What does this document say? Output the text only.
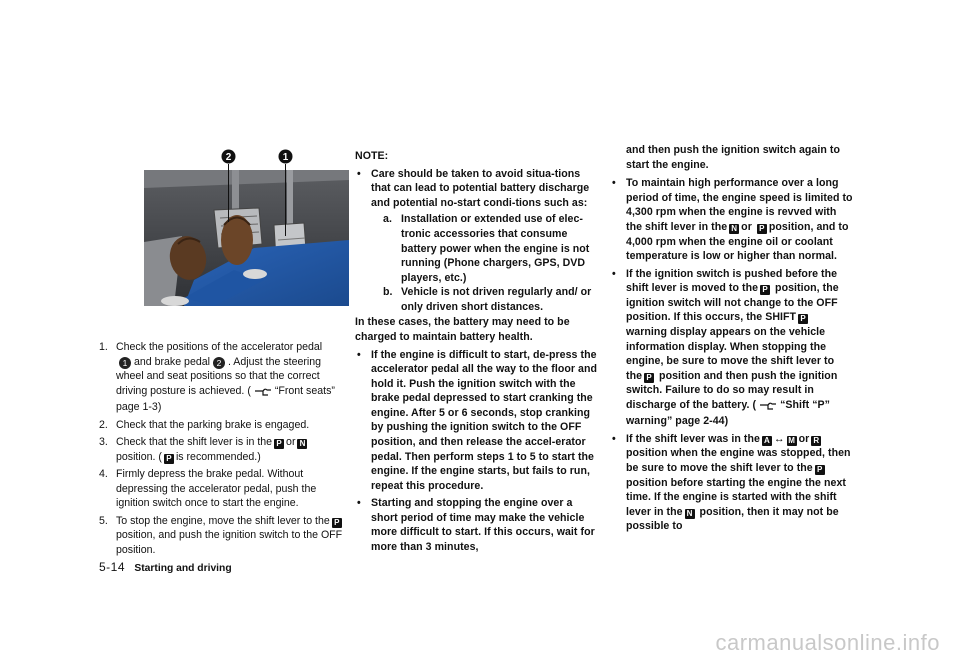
2	1
1. Check the positions of the accelerator pedal
1 and brake pedal 2 . Adjust the steering wheel and seat positions so that the correct driving posture is achieved. ( “Front seats” page 1-3)
2. Check that the parking brake is engaged.
3. Check that the shift lever is in the P or N position. ( P is recommended.)
4. Firmly depress the brake pedal. Without depressing the accelerator pedal, push the ignition switch once to start the engine.
5. To stop the engine, move the shift lever to the Pposition, and push the ignition switch to the OFF position.

NOTE:

• Care should be taken to avoid situa-tions that can lead to potential battery discharge and potential no-start condi-tions such as:
a. Installation or extended use of elec-tronic accessories that consume battery power when the engine is not running (Phone chargers, GPS, DVD players, etc.)
b. Vehicle is not driven regularly and/ or only driven short distances.
In these cases, the battery may need to be charged to maintain battery health.
• If the engine is difficult to start, de-press the accelerator pedal all the way to the floor and hold it. Push the ignition switch with the brake pedal depressed to start cranking the engine. After 5 or 6 seconds, stop cranking by pushing the ignition switch to the OFF position, and then release the accel-erator pedal. Then perform steps 1 to 5 to start the engine. If the engine starts, but fails to run, repeat this procedure.
• Starting and stopping the engine over a short period of time may make the vehicle more difficult to start. If this occurs, wait for more than 3 minutes,
and then push the ignition switch again to start the engine.
• To maintain high performance over a long period of time, the engine speed is limited to 4,300 rpm when the engine is revved with the shift lever in the N or P position, and to 4,000 rpm when the engine oil or coolant temperature is low or higher than normal.
• If the ignition switch is pushed before the shift lever is moved to the P position, the ignition switch will not change to the OFF position. If this occurs, the SHIFT P warning display appears on the vehicle information display. When stopping the engine, be sure to move the shift lever to the P position and then push the ignition switch. Failure to do so may result in discharge of the battery. ( “Shift “P” warning” page 2-44)
• If the shift lever was in the A ↔ M or R position when the engine was stopped, then be sure to move the shift lever to the P position before starting the engine the next time. If the engine is started with the shift lever in the N position, then it may not be possible to
5-14 Starting and driving
carmanualsonline.info
